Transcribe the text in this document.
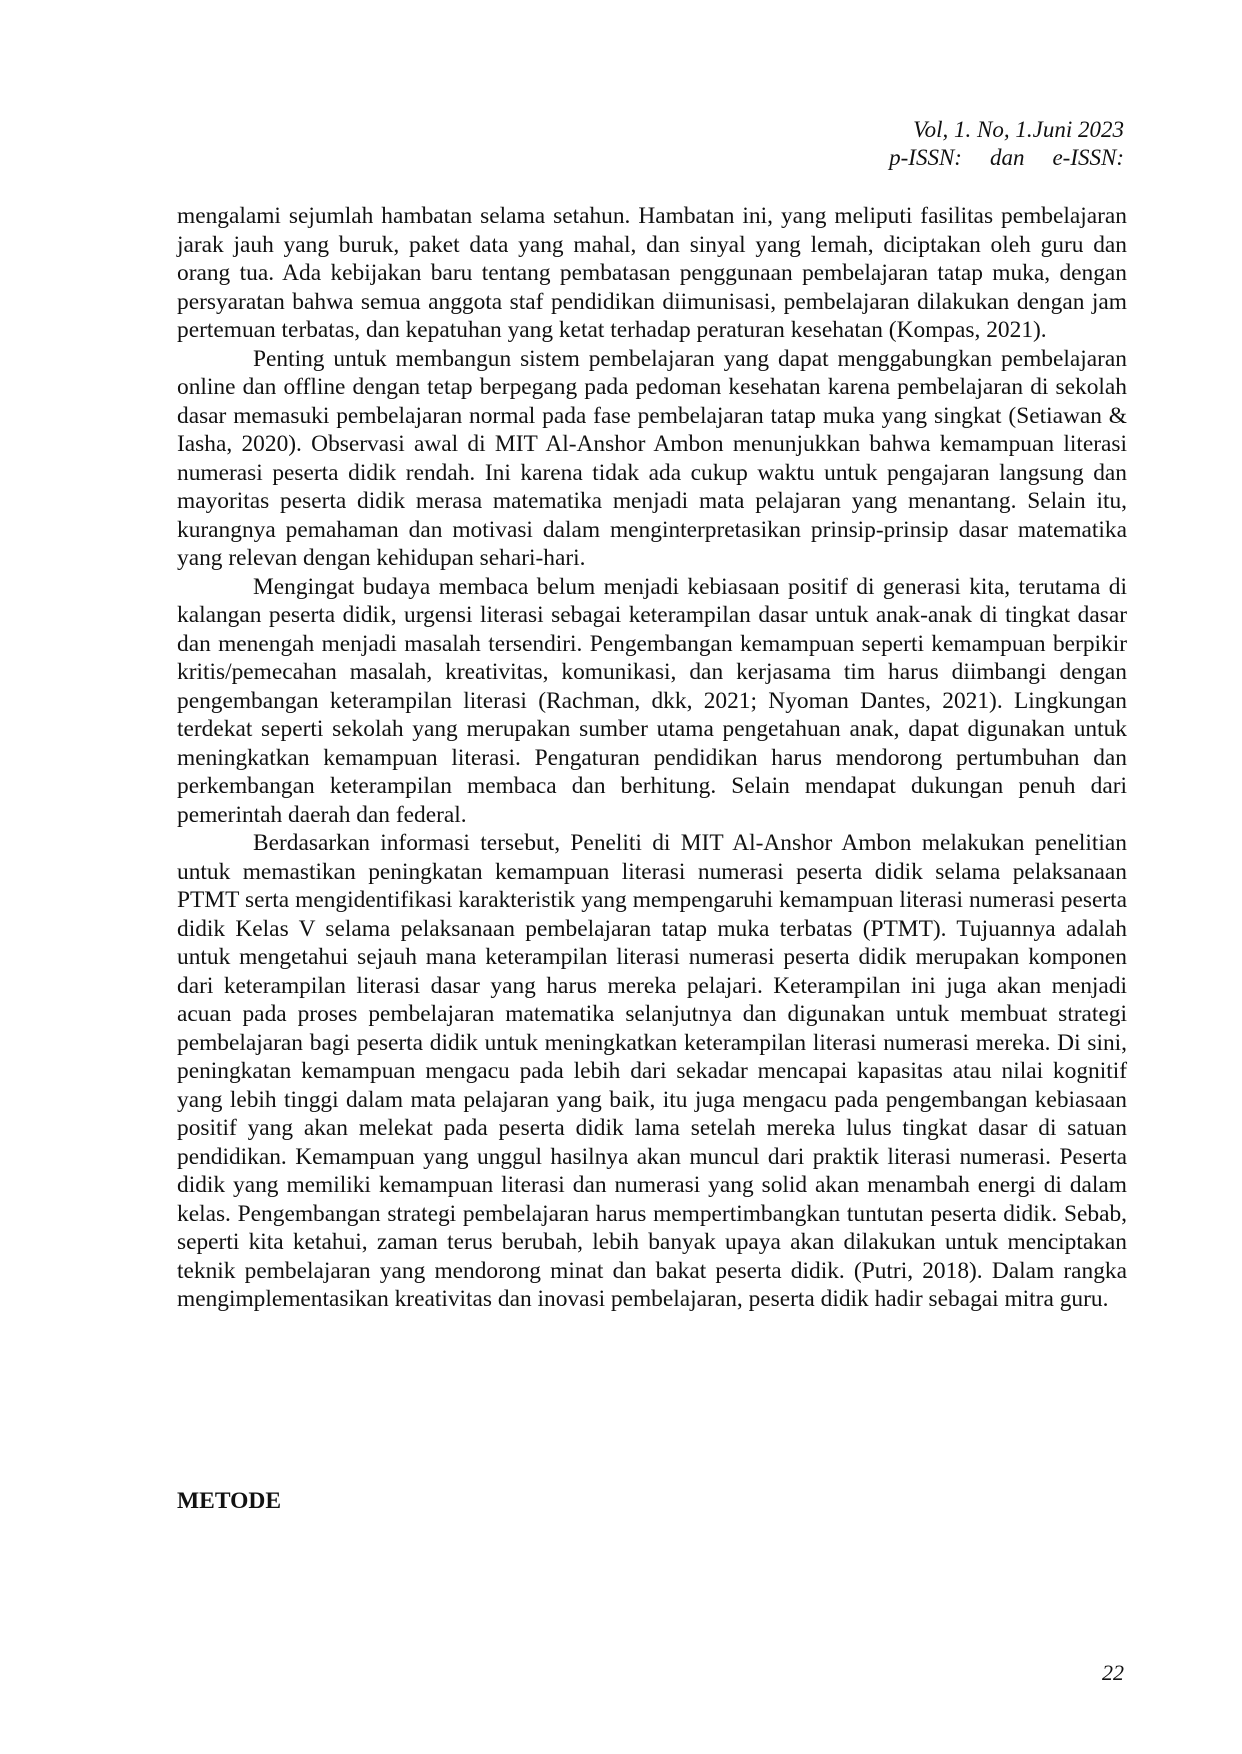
Vol, 1. No, 1.Juni 2023
p-ISSN: dan e-ISSN:

mengalami sejumlah hambatan selama setahun. Hambatan ini, yang meliputi fasilitas pembelajaran jarak jauh yang buruk, paket data yang mahal, dan sinyal yang lemah, diciptakan oleh guru dan orang tua. Ada kebijakan baru tentang pembatasan penggunaan pembelajaran tatap muka, dengan persyaratan bahwa semua anggota staf pendidikan diimunisasi, pembelajaran dilakukan dengan jam pertemuan terbatas, dan kepatuhan yang ketat terhadap peraturan kesehatan (Kompas, 2021).

Penting untuk membangun sistem pembelajaran yang dapat menggabungkan pembelajaran online dan offline dengan tetap berpegang pada pedoman kesehatan karena pembelajaran di sekolah dasar memasuki pembelajaran normal pada fase pembelajaran tatap muka yang singkat (Setiawan & Iasha, 2020). Observasi awal di MIT Al-Anshor Ambon menunjukkan bahwa kemampuan literasi numerasi peserta didik rendah. Ini karena tidak ada cukup waktu untuk pengajaran langsung dan mayoritas peserta didik merasa matematika menjadi mata pelajaran yang menantang. Selain itu, kurangnya pemahaman dan motivasi dalam menginterpretasikan prinsip-prinsip dasar matematika yang relevan dengan kehidupan sehari-hari.

Mengingat budaya membaca belum menjadi kebiasaan positif di generasi kita, terutama di kalangan peserta didik, urgensi literasi sebagai keterampilan dasar untuk anak-anak di tingkat dasar dan menengah menjadi masalah tersendiri. Pengembangan kemampuan seperti kemampuan berpikir kritis/pemecahan masalah, kreativitas, komunikasi, dan kerjasama tim harus diimbangi dengan pengembangan keterampilan literasi (Rachman, dkk, 2021; Nyoman Dantes, 2021). Lingkungan terdekat seperti sekolah yang merupakan sumber utama pengetahuan anak, dapat digunakan untuk meningkatkan kemampuan literasi. Pengaturan pendidikan harus mendorong pertumbuhan dan perkembangan keterampilan membaca dan berhitung. Selain mendapat dukungan penuh dari pemerintah daerah dan federal.

Berdasarkan informasi tersebut, Peneliti di MIT Al-Anshor Ambon melakukan penelitian untuk memastikan peningkatan kemampuan literasi numerasi peserta didik selama pelaksanaan PTMT serta mengidentifikasi karakteristik yang mempengaruhi kemampuan literasi numerasi peserta didik Kelas V selama pelaksanaan pembelajaran tatap muka terbatas (PTMT). Tujuannya adalah untuk mengetahui sejauh mana keterampilan literasi numerasi peserta didik merupakan komponen dari keterampilan literasi dasar yang harus mereka pelajari. Keterampilan ini juga akan menjadi acuan pada proses pembelajaran matematika selanjutnya dan digunakan untuk membuat strategi pembelajaran bagi peserta didik untuk meningkatkan keterampilan literasi numerasi mereka. Di sini, peningkatan kemampuan mengacu pada lebih dari sekadar mencapai kapasitas atau nilai kognitif yang lebih tinggi dalam mata pelajaran yang baik, itu juga mengacu pada pengembangan kebiasaan positif yang akan melekat pada peserta didik lama setelah mereka lulus tingkat dasar di satuan pendidikan. Kemampuan yang unggul hasilnya akan muncul dari praktik literasi numerasi. Peserta didik yang memiliki kemampuan literasi dan numerasi yang solid akan menambah energi di dalam kelas. Pengembangan strategi pembelajaran harus mempertimbangkan tuntutan peserta didik. Sebab, seperti kita ketahui, zaman terus berubah, lebih banyak upaya akan dilakukan untuk menciptakan teknik pembelajaran yang mendorong minat dan bakat peserta didik. (Putri, 2018). Dalam rangka mengimplementasikan kreativitas dan inovasi pembelajaran, peserta didik hadir sebagai mitra guru.

METODE
22
